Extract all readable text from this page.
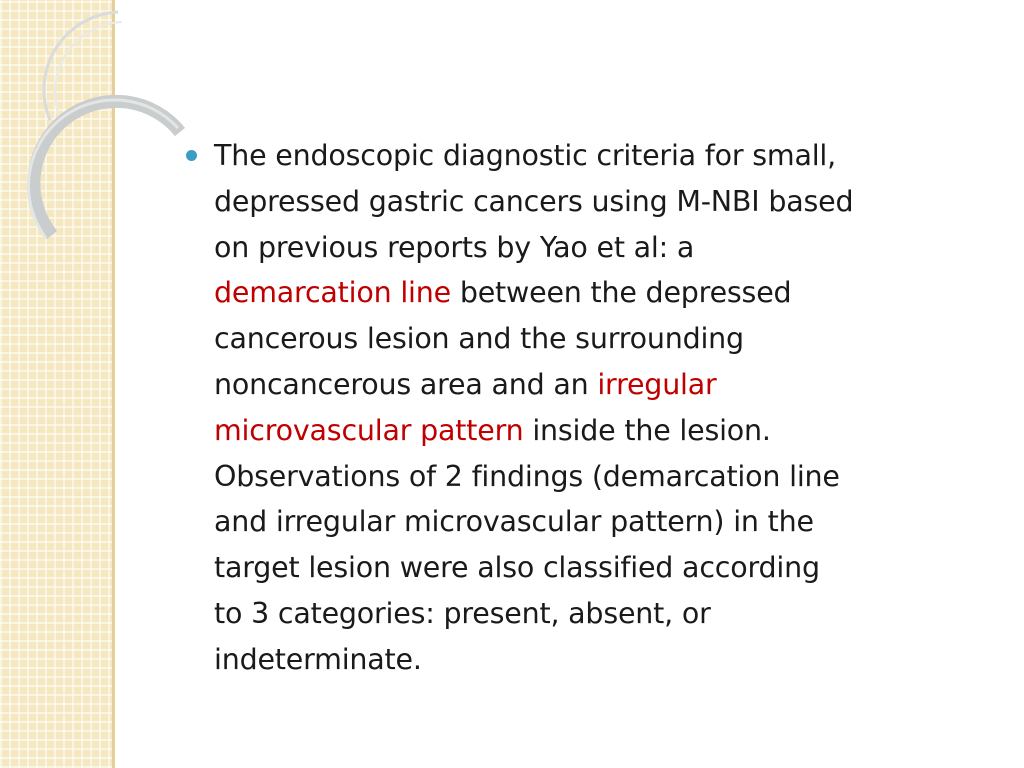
The endoscopic diagnostic criteria for small,
depressed gastric cancers using M-NBI based
on previous reports by Yao et al: a
demarcation line between the depressed
cancerous lesion and the surrounding
noncancerous area and an irregular
microvascular pattern inside the lesion.
Observations of 2 findings (demarcation line
and irregular microvascular pattern) in the
target lesion were also classified according
to 3 categories: present, absent, or
indeterminate.
